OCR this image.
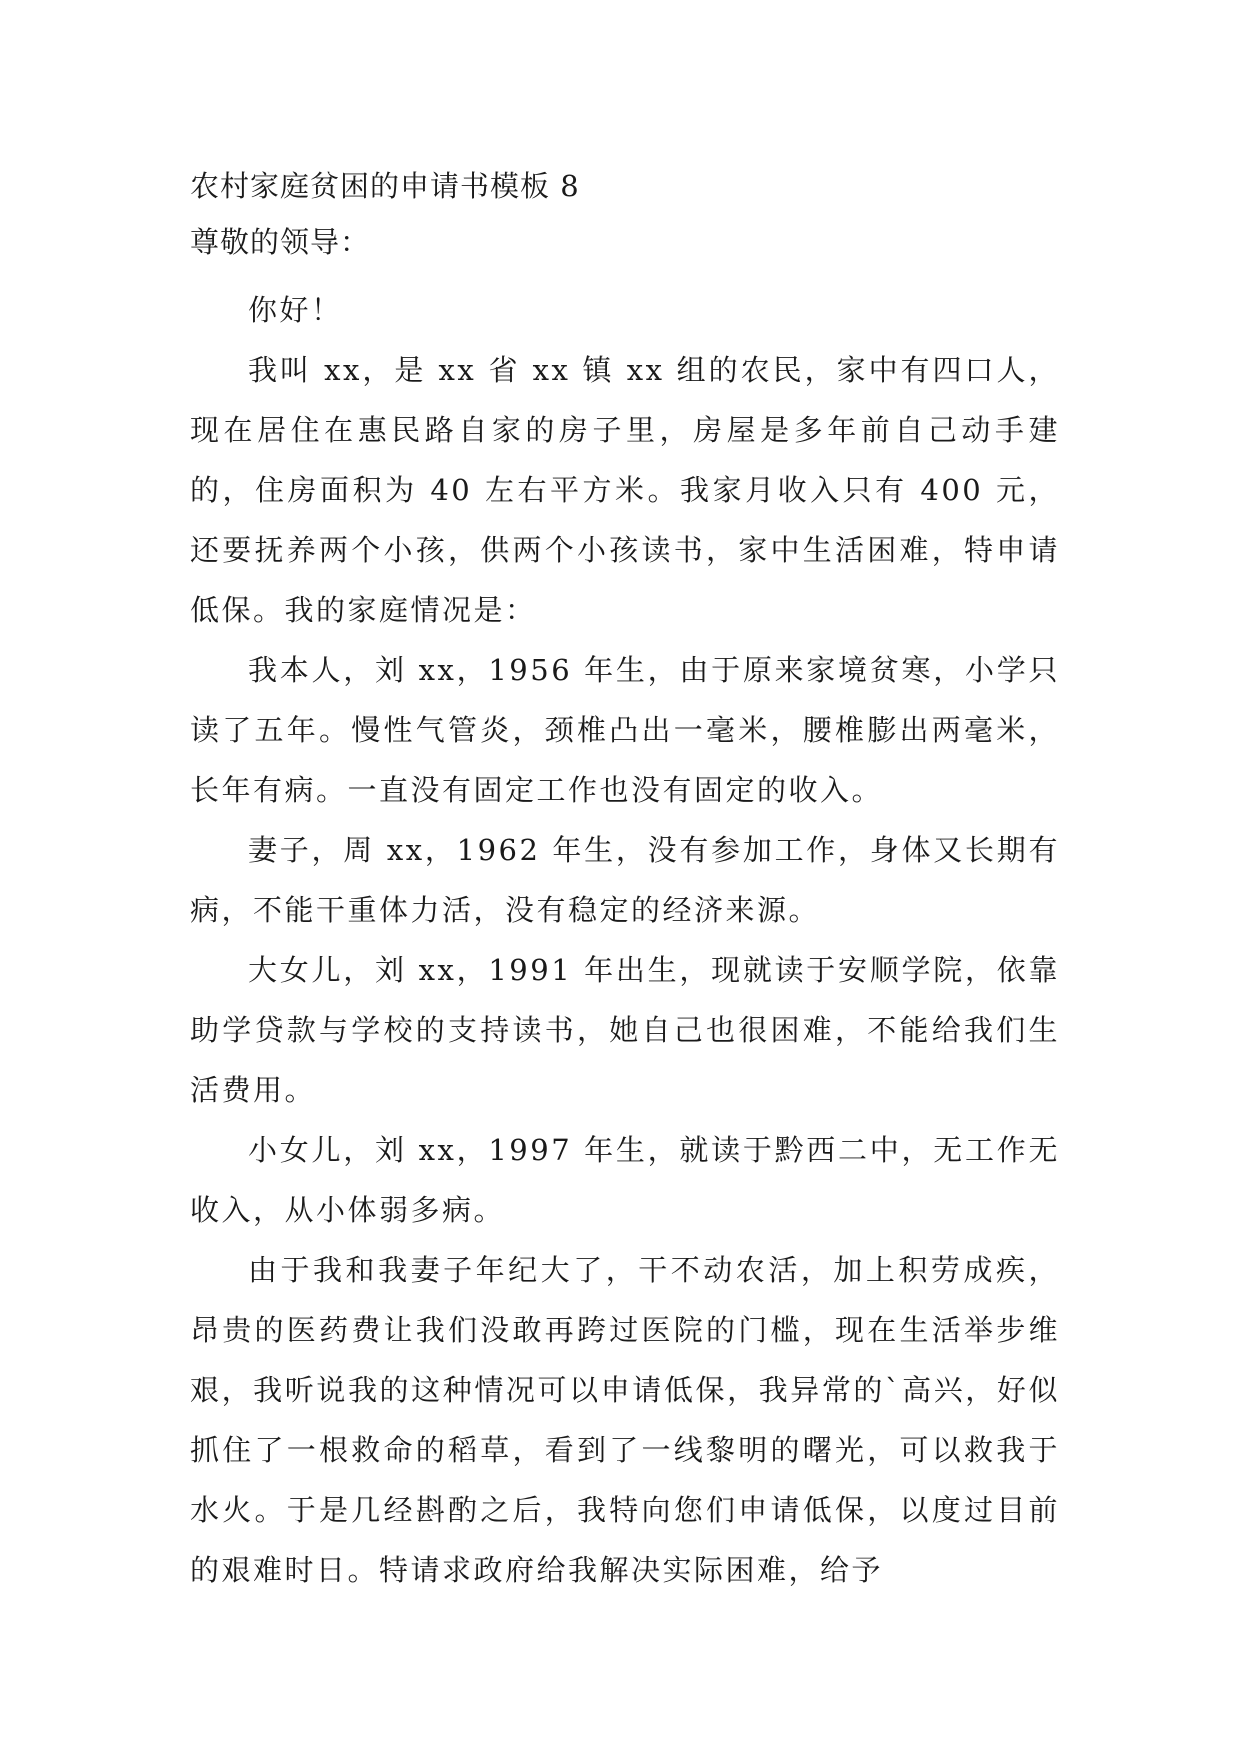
农村家庭贫困的申请书模板 8
尊敬的领导：

你好！

我叫 xx，是 xx 省 xx 镇 xx 组的农民，家中有四口人，现在居住在惠民路自家的房子里，房屋是多年前自己动手建的，住房面积为 40 左右平方米。我家月收入只有 400 元，还要抚养两个小孩，供两个小孩读书，家中生活困难，特申请低保。我的家庭情况是：

我本人，刘 xx，1956 年生，由于原来家境贫寒，小学只读了五年。慢性气管炎，颈椎凸出一毫米，腰椎膨出两毫米，长年有病。一直没有固定工作也没有固定的收入。

妻子，周 xx，1962 年生，没有参加工作，身体又长期有病，不能干重体力活，没有稳定的经济来源。

大女儿，刘 xx，1991 年出生，现就读于安顺学院，依靠助学贷款与学校的支持读书，她自己也很困难，不能给我们生活费用。

小女儿，刘 xx，1997 年生，就读于黔西二中，无工作无收入，从小体弱多病。

由于我和我妻子年纪大了，干不动农活，加上积劳成疾，昂贵的医药费让我们没敢再跨过医院的门槛，现在生活举步维艰，我听说我的这种情况可以申请低保，我异常的`高兴，好似抓住了一根救命的稻草，看到了一线黎明的曙光，可以救我于水火。于是几经斟酌之后，我特向您们申请低保，以度过目前的艰难时日。特请求政府给我解决实际困难，给予
